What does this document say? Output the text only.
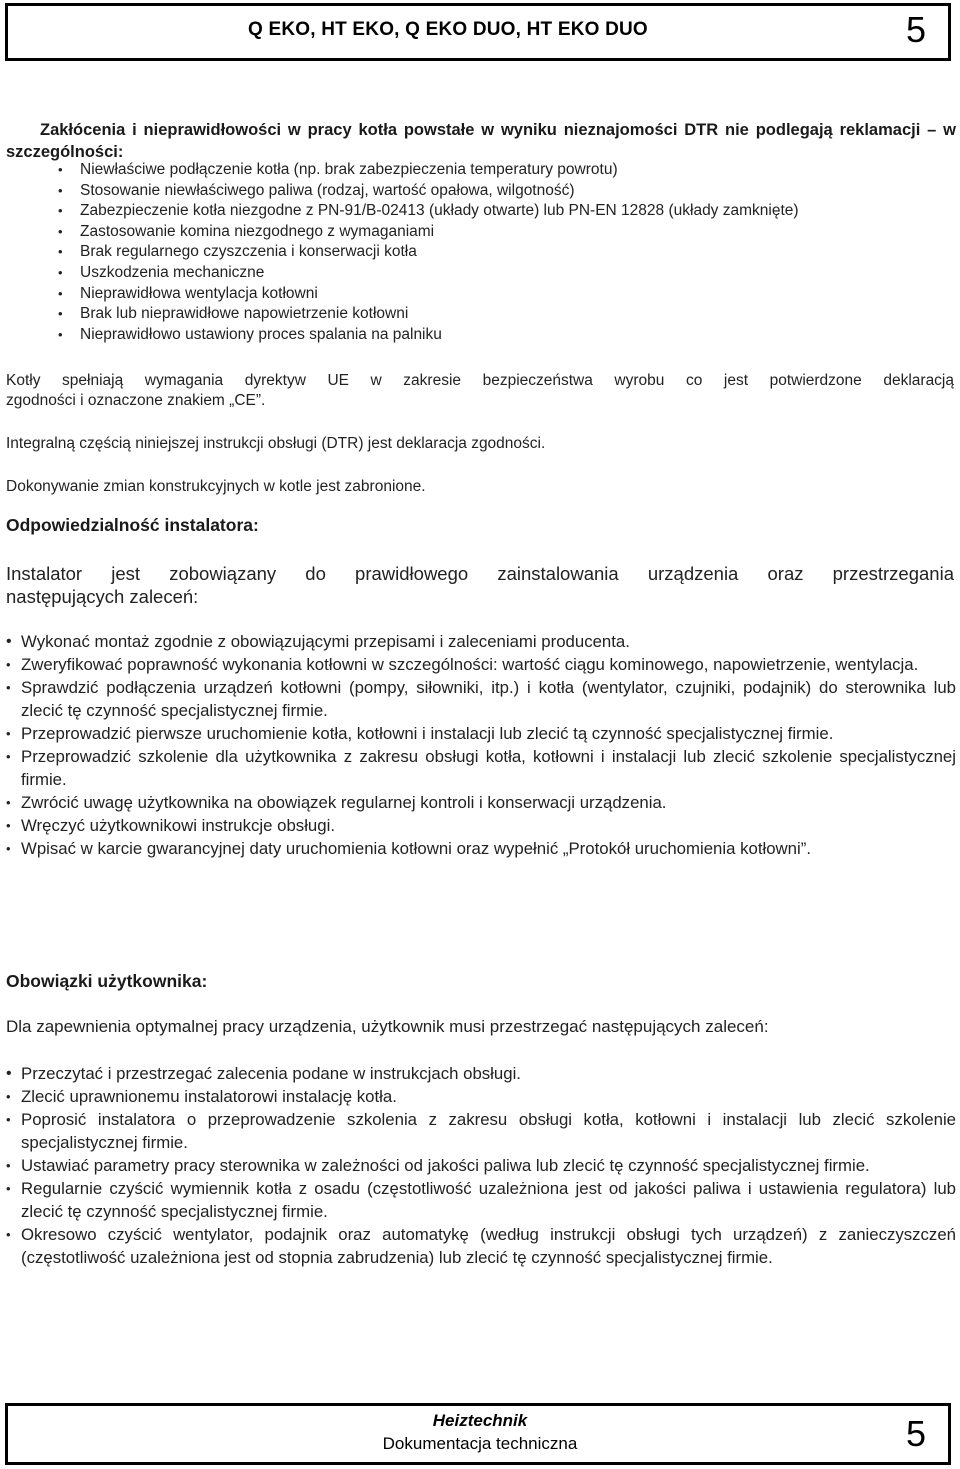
Q EKO, HT EKO, Q EKO DUO, HT EKO DUO	5

Zakłócenia i nieprawidłowości w pracy kotła powstałe w wyniku nieznajomości DTR nie podlegają reklamacji – w szczególności:

• Niewłaściwe podłączenie kotła (np. brak zabezpieczenia temperatury powrotu)
• Stosowanie niewłaściwego paliwa (rodzaj, wartość opałowa, wilgotność)
• Zabezpieczenie kotła niezgodne z PN-91/B-02413 (układy otwarte) lub PN-EN 12828 (układy zamknięte)
• Zastosowanie komina niezgodnego z wymaganiami
• Brak regularnego czyszczenia i konserwacji kotła
• Uszkodzenia mechaniczne
• Nieprawidłowa wentylacja kotłowni
• Brak lub nieprawidłowe napowietrzenie kotłowni
• Nieprawidłowo ustawiony proces spalania na palniku

Kotły spełniają wymagania dyrektyw UE w zakresie bezpieczeństwa wyrobu co jest potwierdzone deklaracją
zgodności i oznaczone znakiem „CE”.

Integralną częścią niniejszej instrukcji obsługi (DTR) jest deklaracja zgodności.

Dokonywanie zmian konstrukcyjnych w kotle jest zabronione.

Odpowiedzialność instalatora:

Instalator jest zobowiązany do prawidłowego zainstalowania urządzenia oraz przestrzegania
następujących zaleceń:

• Wykonać montaż zgodnie z obowiązującymi przepisami i zaleceniami producenta.
• Zweryfikować poprawność wykonania kotłowni w szczególności: wartość ciągu kominowego, napowietrzenie, wentylacja.
• Sprawdzić podłączenia urządzeń kotłowni (pompy, siłowniki, itp.) i kotła (wentylator, czujniki, podajnik) do sterownika lub zlecić tę czynność specjalistycznej firmie.
• Przeprowadzić pierwsze uruchomienie kotła, kotłowni i instalacji lub zlecić tą czynność specjalistycznej firmie.
• Przeprowadzić szkolenie dla użytkownika z zakresu obsługi kotła, kotłowni i instalacji lub zlecić szkolenie specjalistycznej firmie.
• Zwrócić uwagę użytkownika na obowiązek regularnej kontroli i konserwacji urządzenia.
• Wręczyć użytkownikowi instrukcje obsługi.
• Wpisać w karcie gwarancyjnej daty uruchomienia kotłowni oraz wypełnić „Protokół uruchomienia kotłowni”.
Obowiązki użytkownika:

Dla zapewnienia optymalnej pracy urządzenia, użytkownik musi przestrzegać następujących zaleceń:

• Przeczytać i przestrzegać zalecenia podane w instrukcjach obsługi.
• Zlecić uprawnionemu instalatorowi instalację kotła.
• Poprosić instalatora o przeprowadzenie szkolenia z zakresu obsługi kotła, kotłowni i instalacji lub zlecić szkolenie specjalistycznej firmie.
• Ustawiać parametry pracy sterownika w zależności od jakości paliwa lub zlecić tę czynność specjalistycznej firmie.
• Regularnie czyścić wymiennik kotła z osadu (częstotliwość uzależniona jest od jakości paliwa i ustawienia regulatora) lub zlecić tę czynność specjalistycznej firmie.
• Okresowo czyścić wentylator, podajnik oraz automatykę (według instrukcji obsługi tych urządzeń) z zanieczyszczeń (częstotliwość uzależniona jest od stopnia zabrudzenia) lub zlecić tę czynność specjalistycznej firmie.
Heiztechnik
Dokumentacja techniczna	5
